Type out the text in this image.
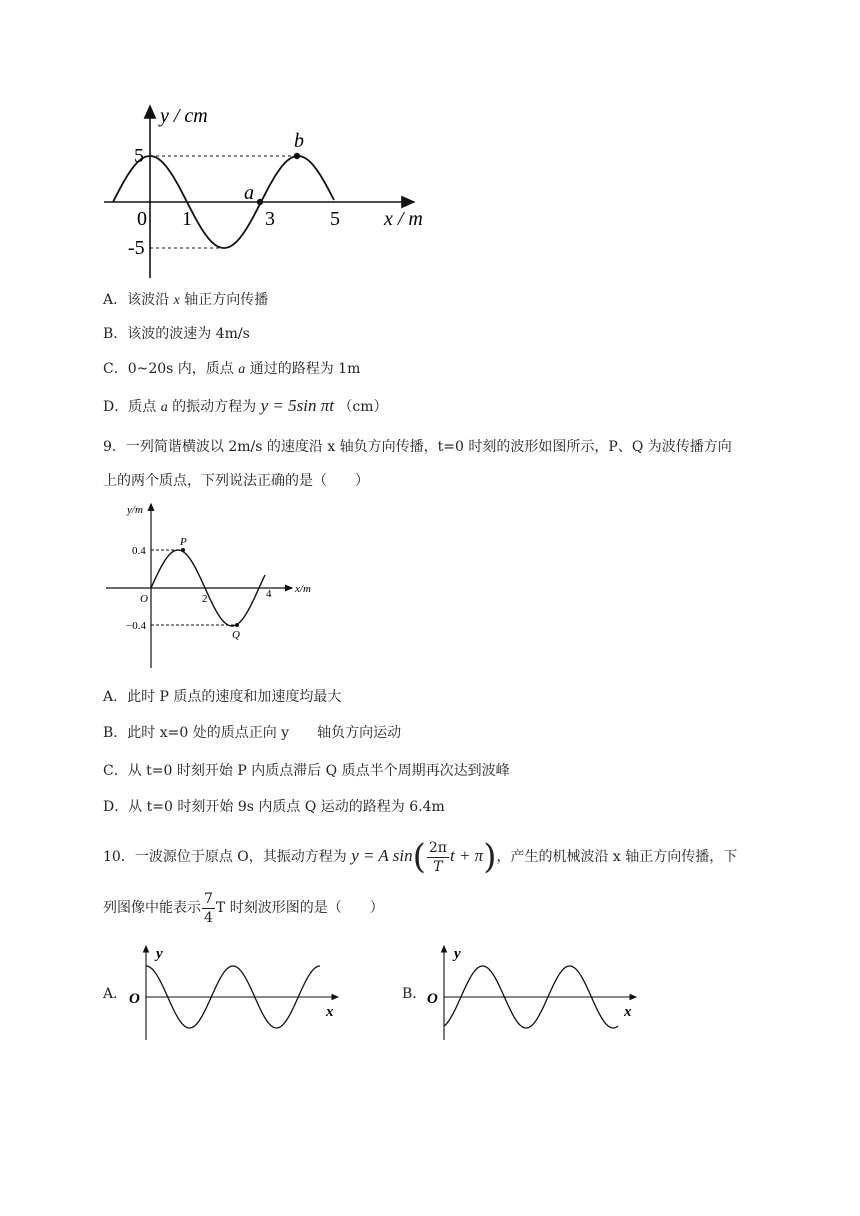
y / cm
x / m
0 1	3	5
5
-5
a
b
A．该波沿 x 轴正方向传播
B．该波的波速为 4m/s
C．0~20s 内，质点 a 通过的路程为 1m
D．质点 a 的振动方程为 y = 5sin πt （cm）
9．一列简谐横波以 2m/s 的速度沿 x 轴负方向传播，t=0 时刻的波形如图所示，P、Q 为波传播方向
上的两个质点，下列说法正确的是（　　）
y/m
x/m
O	2	4
0.4
−0.4
P
Q
A．此时 P 质点的速度和加速度均最大
B．此时 x=0 处的质点正向 y　　轴负方向运动
C．从 t=0 时刻开始 P 内质点滞后 Q 质点半个周期再次达到波峰
D．从 t=0 时刻开始 9s 内质点 Q 运动的路程为 6.4m
10．一波源位于原点 O，其振动方程为 y = A $\sin( \frac{2\pi}{T}$ t + π)，产生的机械波沿 x 轴正方向传播，下
列图像中能表示 $\frac{7}{4}$ T 时刻波形图的是（　　）
A．
y
x
O	B．
y
x
O
